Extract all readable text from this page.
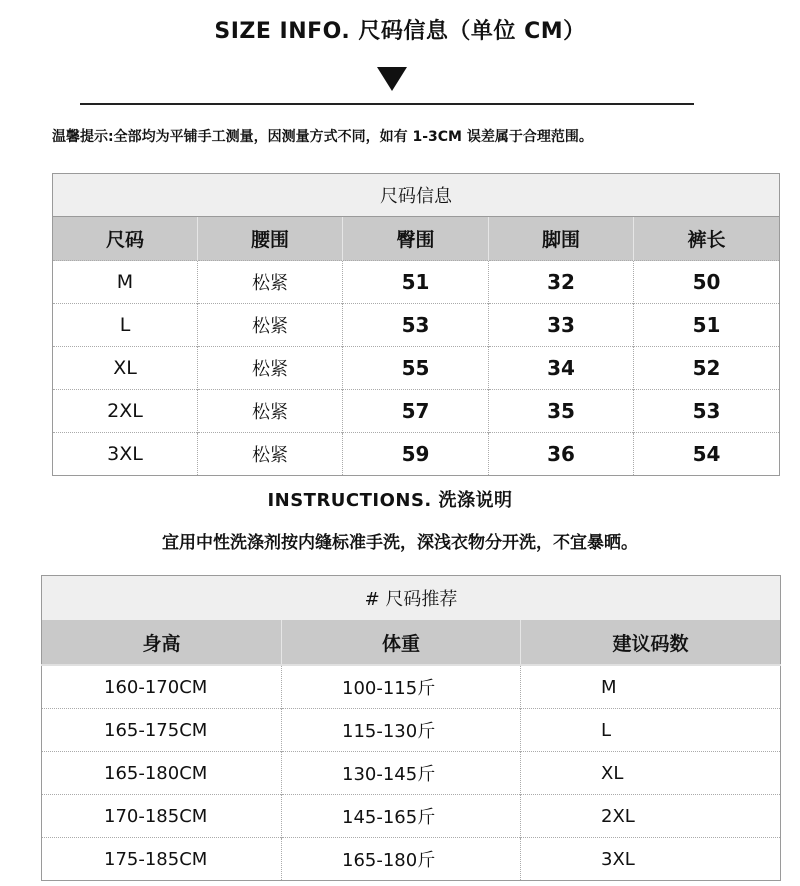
SIZE INFO. 尺码信息（单位 CM）
温馨提示:全部均为平铺手工测量，因测量方式不同，如有 1-3CM 误差属于合理范围。
尺码信息				
尺码	腰围	臀围	脚围	裤长
M	松紧	51	32	50
L	松紧	53	33	51
XL	松紧	55	34	52
2XL	松紧	57	35	53
3XL	松紧	59	36	54
INSTRUCTIONS. 洗涤说明
宜用中性洗涤剂按内缝标准手洗，深浅衣物分开洗，不宜暴晒。
# 尺码推荐		
身高	体重	建议码数
160-170CM	100-115斤	M
165-175CM	115-130斤	L
165-180CM	130-145斤	XL
170-185CM	145-165斤	2XL
175-185CM	165-180斤	3XL
